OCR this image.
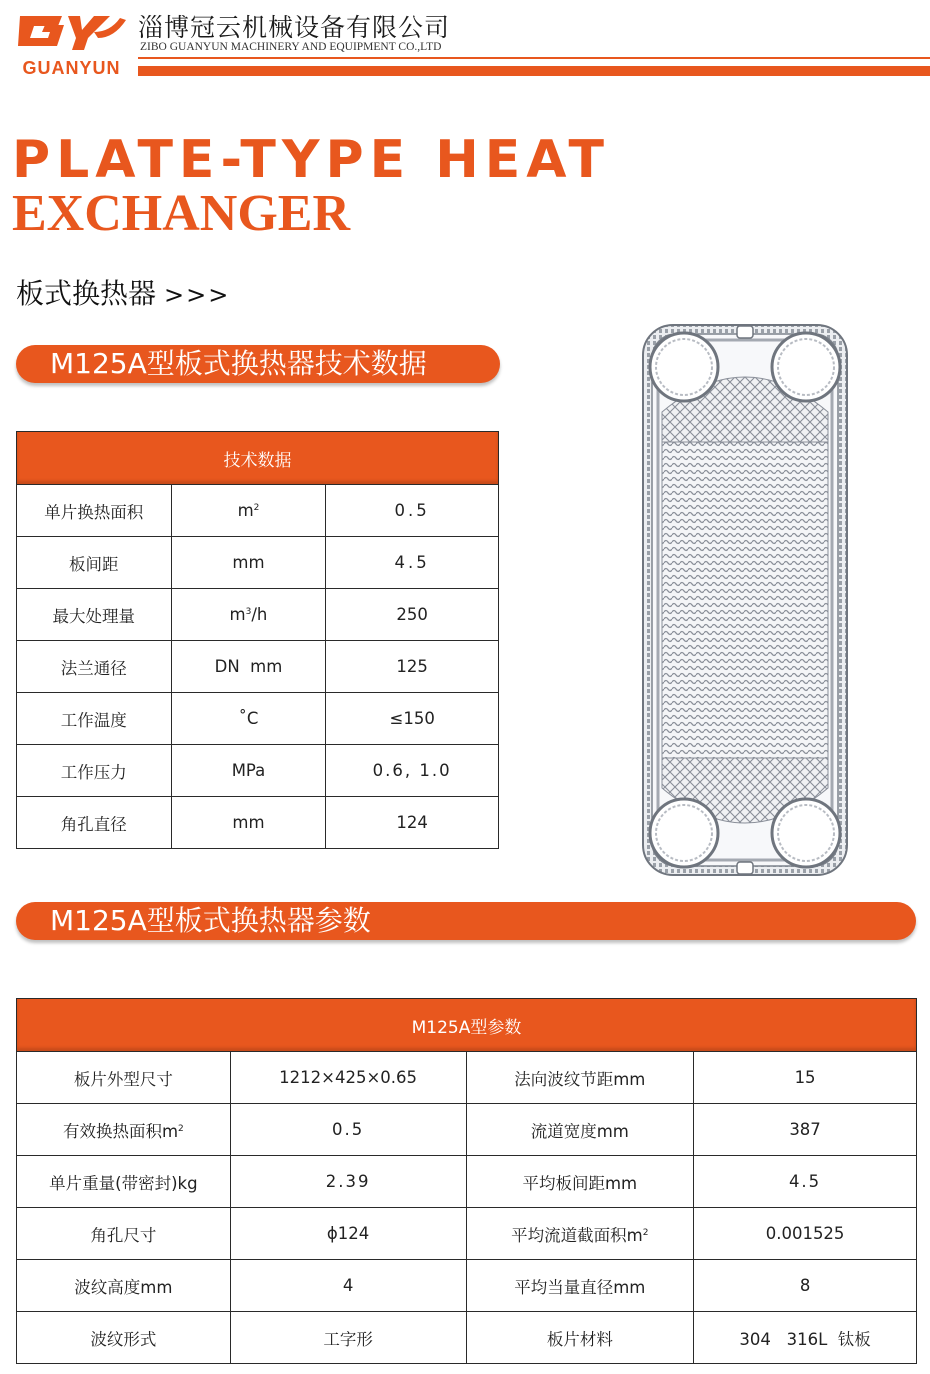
GUANYUN
淄博冠云机械设备有限公司
ZIBO GUANYUN MACHINERY AND EQUIPMENT CO.,LTD
PLATE-TYPE HEAT
EXCHANGER
板式换热器 >>>
M125A型板式换热器技术数据
技术数据		
单片换热面积	$m^2$	0.5
板间距	mm	4.5
最大处理量	$m^3/h$	250
法兰通径	DN  mm	125
工作温度	˚C	≤150
工作压力	MPa	0.6, 1.0
角孔直径	mm	124
M125A型板式换热器参数
M125A型参数			
板片外型尺寸	1212×425×0.65	法向波纹节距mm	15
有效换热面积$m^2$	0.5	流道宽度mm	387
单片重量(带密封)kg	2.39	平均板间距mm	4.5
角孔尺寸	ϕ124	平均流道截面积$m^2$	0.001525
波纹高度mm	4	平均当量直径mm	8
波纹形式	工字形	板片材料	304   316L  钛板
